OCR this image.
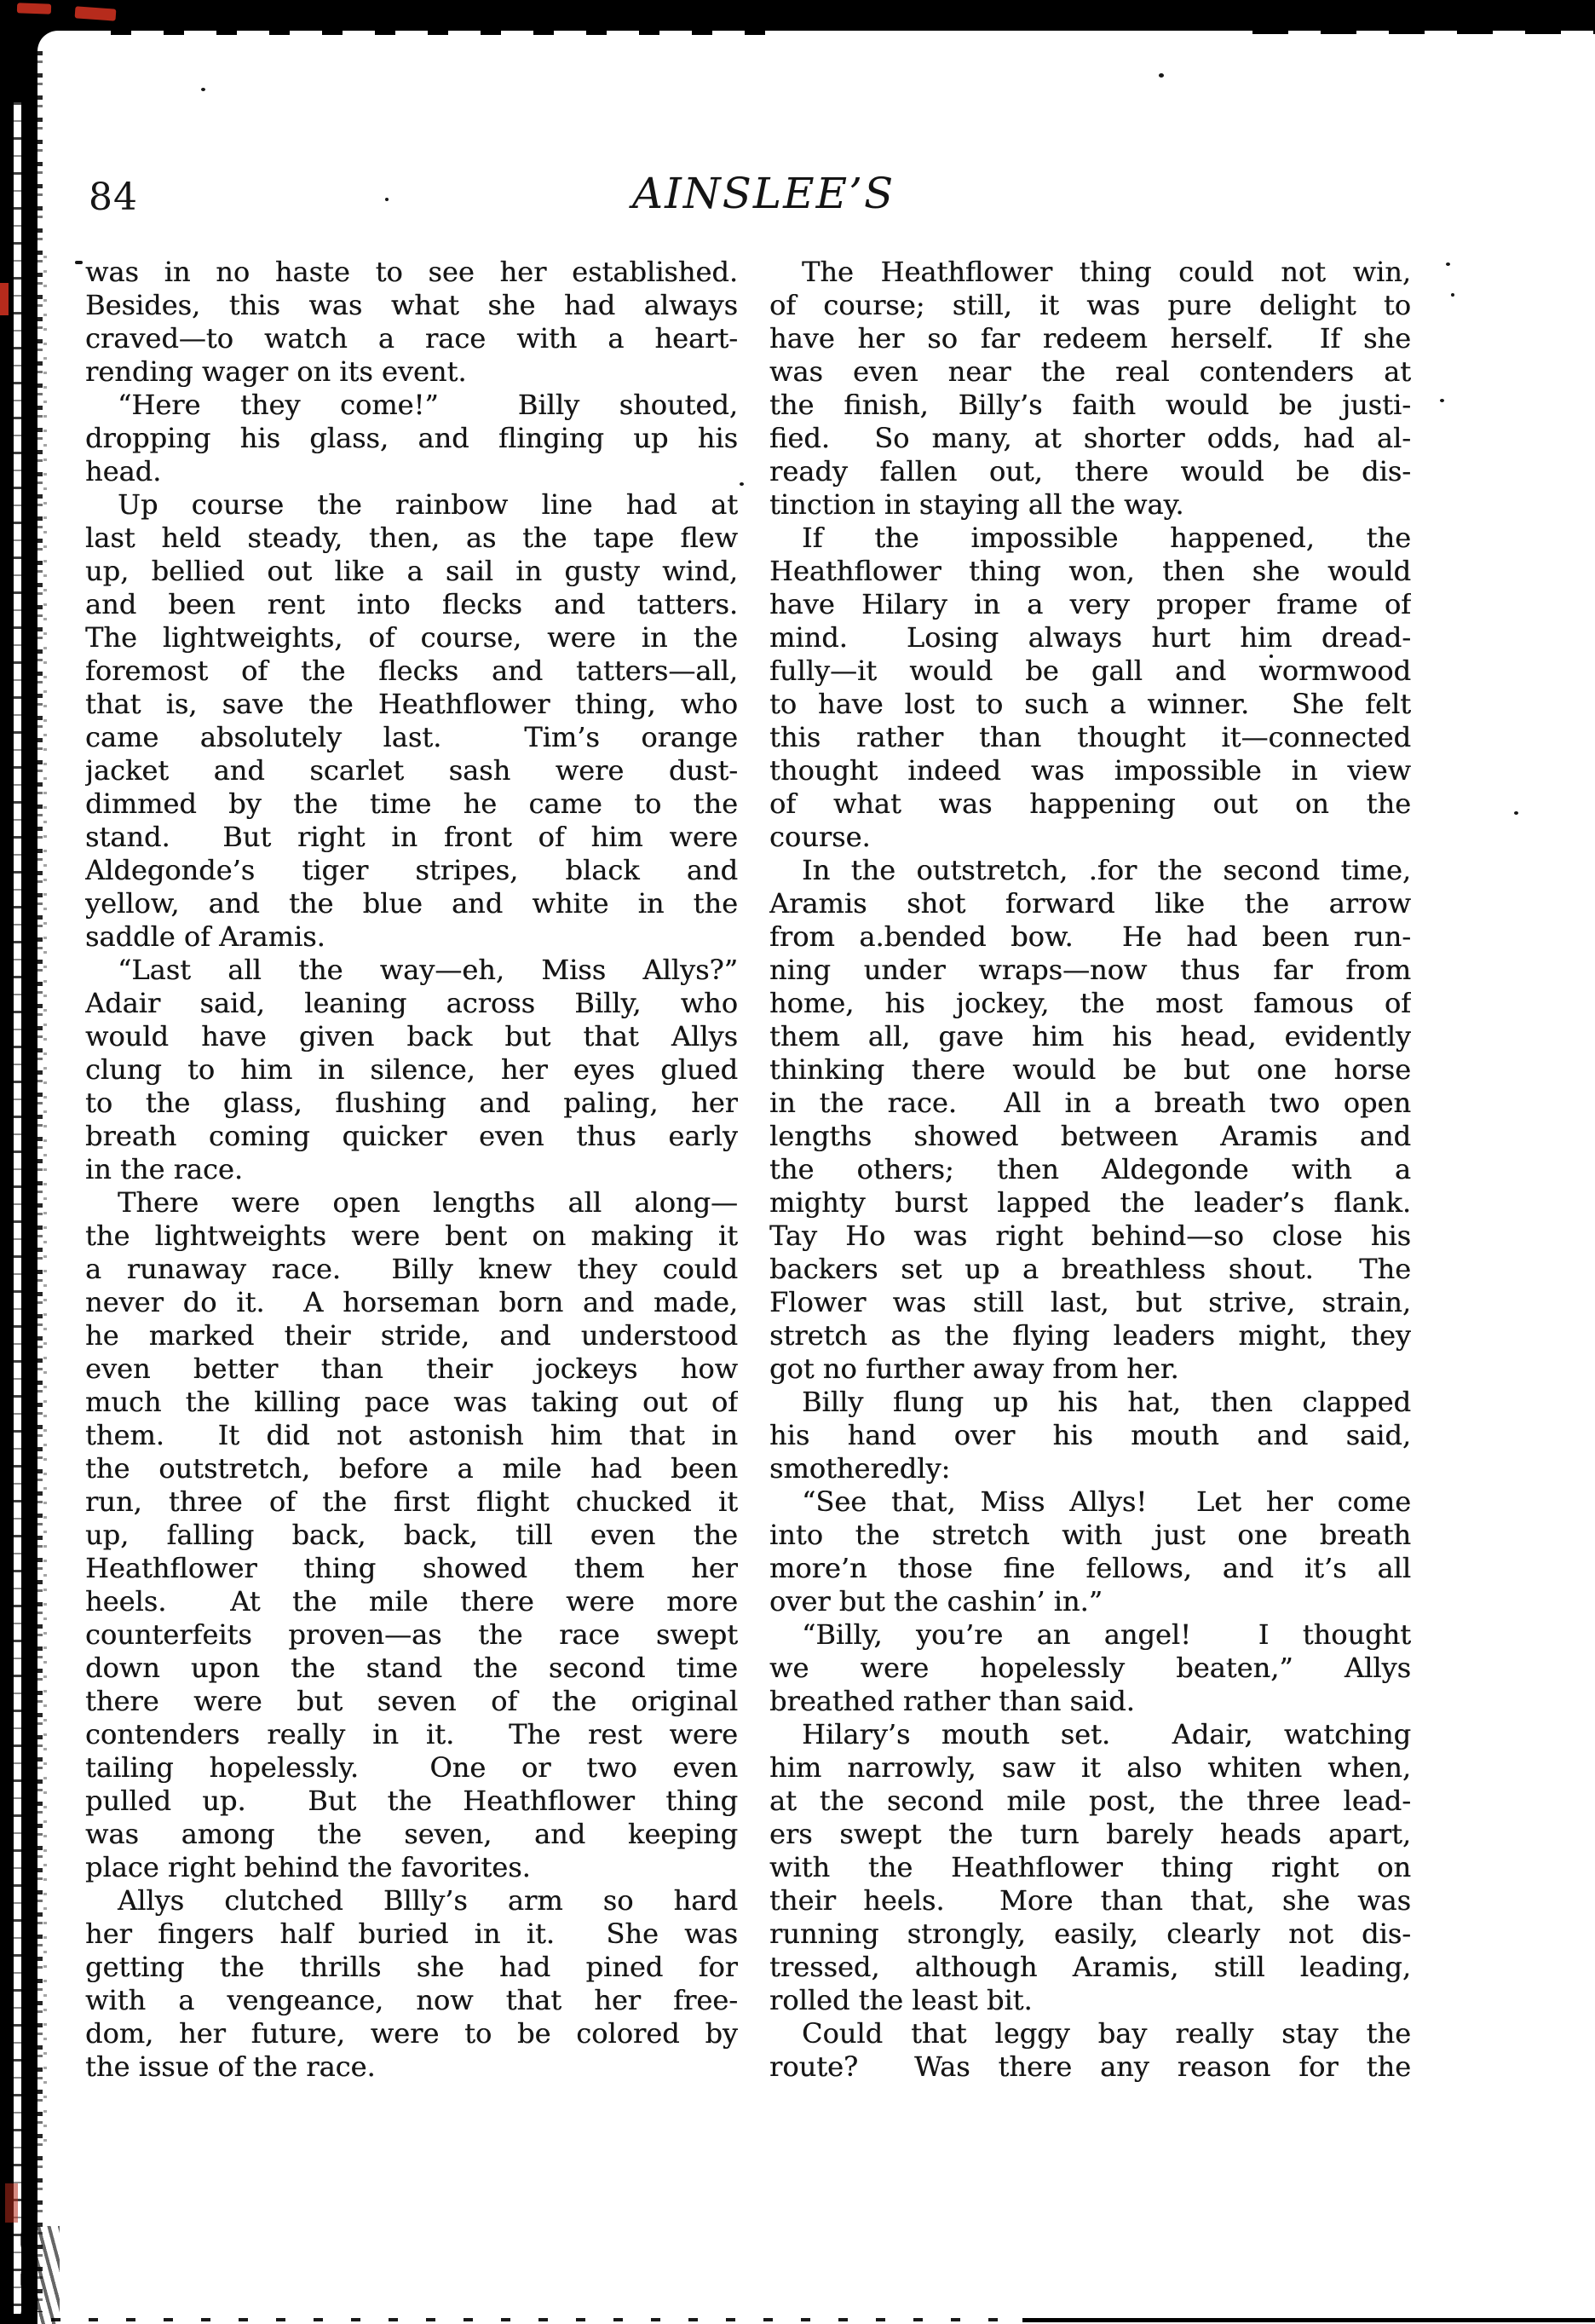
84	AINSLEE’S
was in no haste to see her established.
Besides, this was what she had always
craved—to watch a race with a heart-
rending wager on its event.
“Here they come!”  Billy shouted,
dropping his glass, and flinging up his
head.
Up course the rainbow line had at
last held steady, then, as the tape flew
up, bellied out like a sail in gusty wind,
and been rent into flecks and tatters.
The lightweights, of course, were in the
foremost of the flecks and tatters—all,
that is, save the Heathflower thing, who
came absolutely last.  Tim’s orange
jacket and scarlet sash were dust-
dimmed by the time he came to the
stand.  But right in front of him were
Aldegonde’s tiger stripes, black and
yellow, and the blue and white in the
saddle of Aramis.
“Last all the way—eh, Miss Allys?”
Adair said, leaning across Billy, who
would have given back but that Allys
clung to him in silence, her eyes glued
to the glass, flushing and paling, her
breath coming quicker even thus early
in the race.
There were open lengths all along—
the lightweights were bent on making it
a runaway race.  Billy knew they could
never do it.  A horseman born and made,
he marked their stride, and understood
even better than their jockeys how
much the killing pace was taking out of
them.  It did not astonish him that in
the outstretch, before a mile had been
run, three of the first flight chucked it
up, falling back, back, till even the
Heathflower thing showed them her
heels.  At the mile there were more
counterfeits proven—as the race swept
down upon the stand the second time
there were but seven of the original
contenders really in it.  The rest were
tailing hopelessly.  One or two even
pulled up.  But the Heathflower thing
was among the seven, and keeping
place right behind the favorites.
Allys clutched Bllly’s arm so hard
her fingers half buried in it.  She was
getting the thrills she had pined for
with a vengeance, now that her free-
dom, her future, were to be colored by
the issue of the race.
The Heathflower thing could not win,
of course; still, it was pure delight to
have her so far redeem herself.  If she
was even near the real contenders at
the finish, Billy’s faith would be justi-
fied.  So many, at shorter odds, had al-
ready fallen out, there would be dis-
tinction in staying all the way.
If the impossible happened, the
Heathflower thing won, then she would
have Hilary in a very proper frame of
mind.  Losing always hurt him dread-
fully—it would be gall and wormwood
to have lost to such a winner.  She felt
this rather than thought it—connected
thought indeed was impossible in view
of what was happening out on the
course.
In the outstretch, .for the second time,
Aramis shot forward like the arrow
from a.bended bow.  He had been run-
ning under wraps—now thus far from
home, his jockey, the most famous of
them all, gave him his head, evidently
thinking there would be but one horse
in the race.  All in a breath two open
lengths showed between Aramis and
the others; then Aldegonde with a
mighty burst lapped the leader’s flank.
Tay Ho was right behind—so close his
backers set up a breathless shout.  The
Flower was still last, but strive, strain,
stretch as the flying leaders might, they
got no further away from her.
Billy flung up his hat, then clapped
his hand over his mouth and said,
smotheredly:
“See that, Miss Allys!  Let her come
into the stretch with just one breath
more’n those fine fellows, and it’s all
over but the cashin’ in.”
“Billy, you’re an angel!  I thought
we were hopelessly beaten,” Allys
breathed rather than said.
Hilary’s mouth set.  Adair, watching
him narrowly, saw it also whiten when,
at the second mile post, the three lead-
ers swept the turn barely heads apart,
with the Heathflower thing right on
their heels.  More than that, she was
running strongly, easily, clearly not dis-
tressed, although Aramis, still leading,
rolled the least bit.
Could that leggy bay really stay the
route?  Was there any reason for the
